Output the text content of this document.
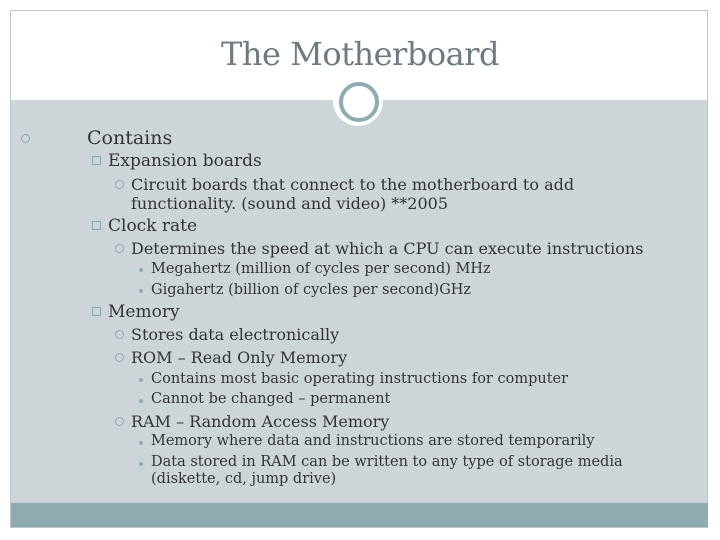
The Motherboard
Contains
Expansion boards
Circuit boards that connect to the motherboard to add
functionality. (sound and video) **2005
Clock rate
Determines the speed at which a CPU can execute instructions
Megahertz (million of cycles per second) MHz
Gigahertz (billion of cycles per second)GHz
Memory
Stores data electronically
ROM – Read Only Memory
Contains most basic operating instructions for computer
Cannot be changed – permanent
RAM – Random Access Memory
Memory where data and instructions are stored temporarily
Data stored in RAM can be written to any type of storage media
(diskette, cd, jump drive)
